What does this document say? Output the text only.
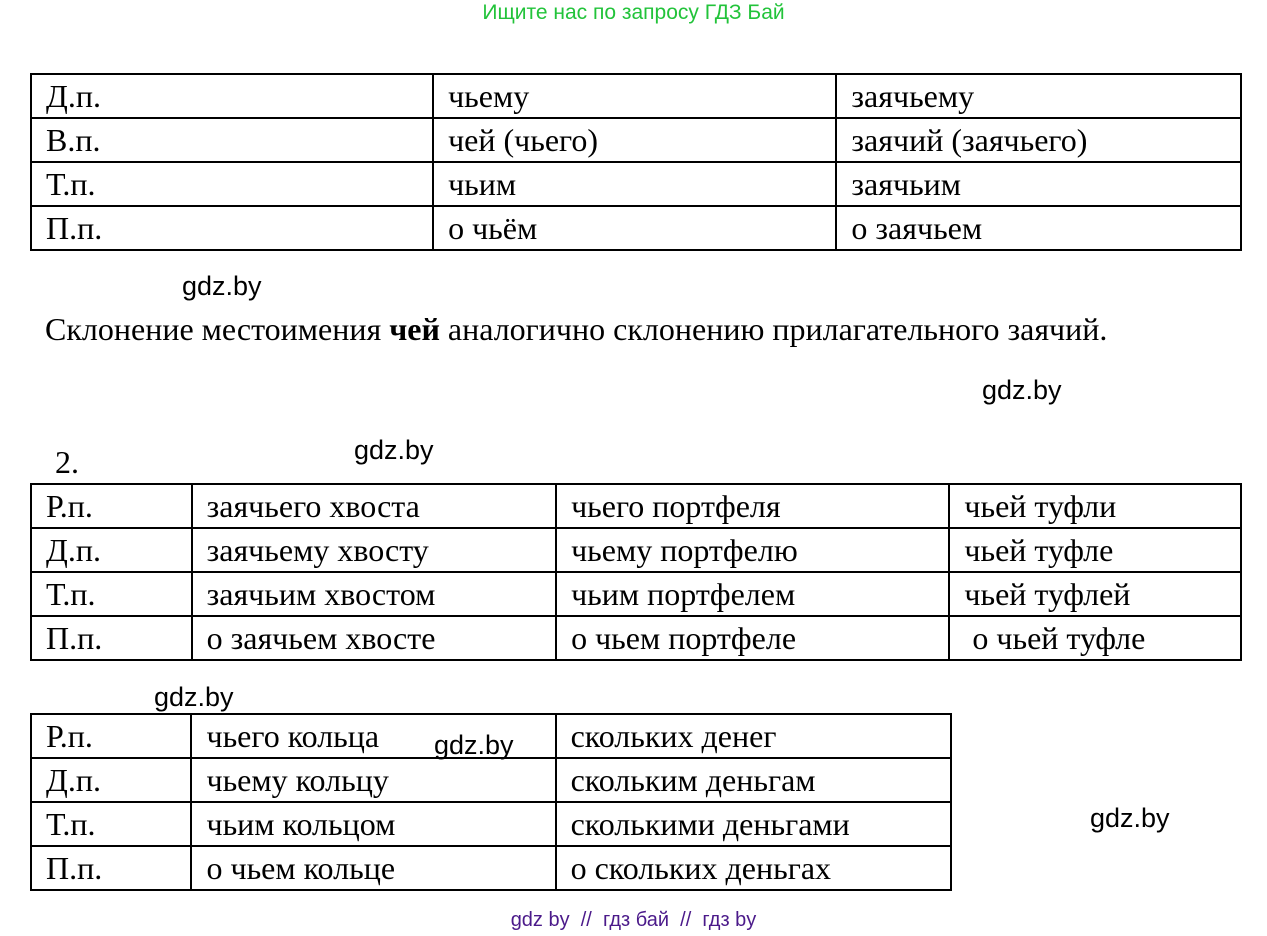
Ищите нас по запросу ГДЗ Бай
Д.п.	чьему	заячьему
В.п.	чей (чьего)	заячий (заячьего)
Т.п.	чьим	заячьим
П.п.	о чьём	о заячьем
Склонение местоимения чей аналогично склонению прилагательного заячий.
2.
Р.п.	заячьего хвоста	чьего портфеля	чьей туфли
Д.п.	заячьему хвосту	чьему портфелю	чьей туфле
Т.п.	заячьим хвостом	чьим портфелем	чьей туфлей
П.п.	о заячьем хвосте	о чьем портфеле	о чьей туфле
Р.п.	чьего кольца	скольких денег
Д.п.	чьему кольцу	скольким деньгам
Т.п.	чьим кольцом	сколькими деньгами
П.п.	о чьем кольце	о скольких деньгах
gdz.by
gdz.by
gdz.by
gdz.by
gdz.by
gdz.by
gdz by  //  гдз бай  //  гдз by
